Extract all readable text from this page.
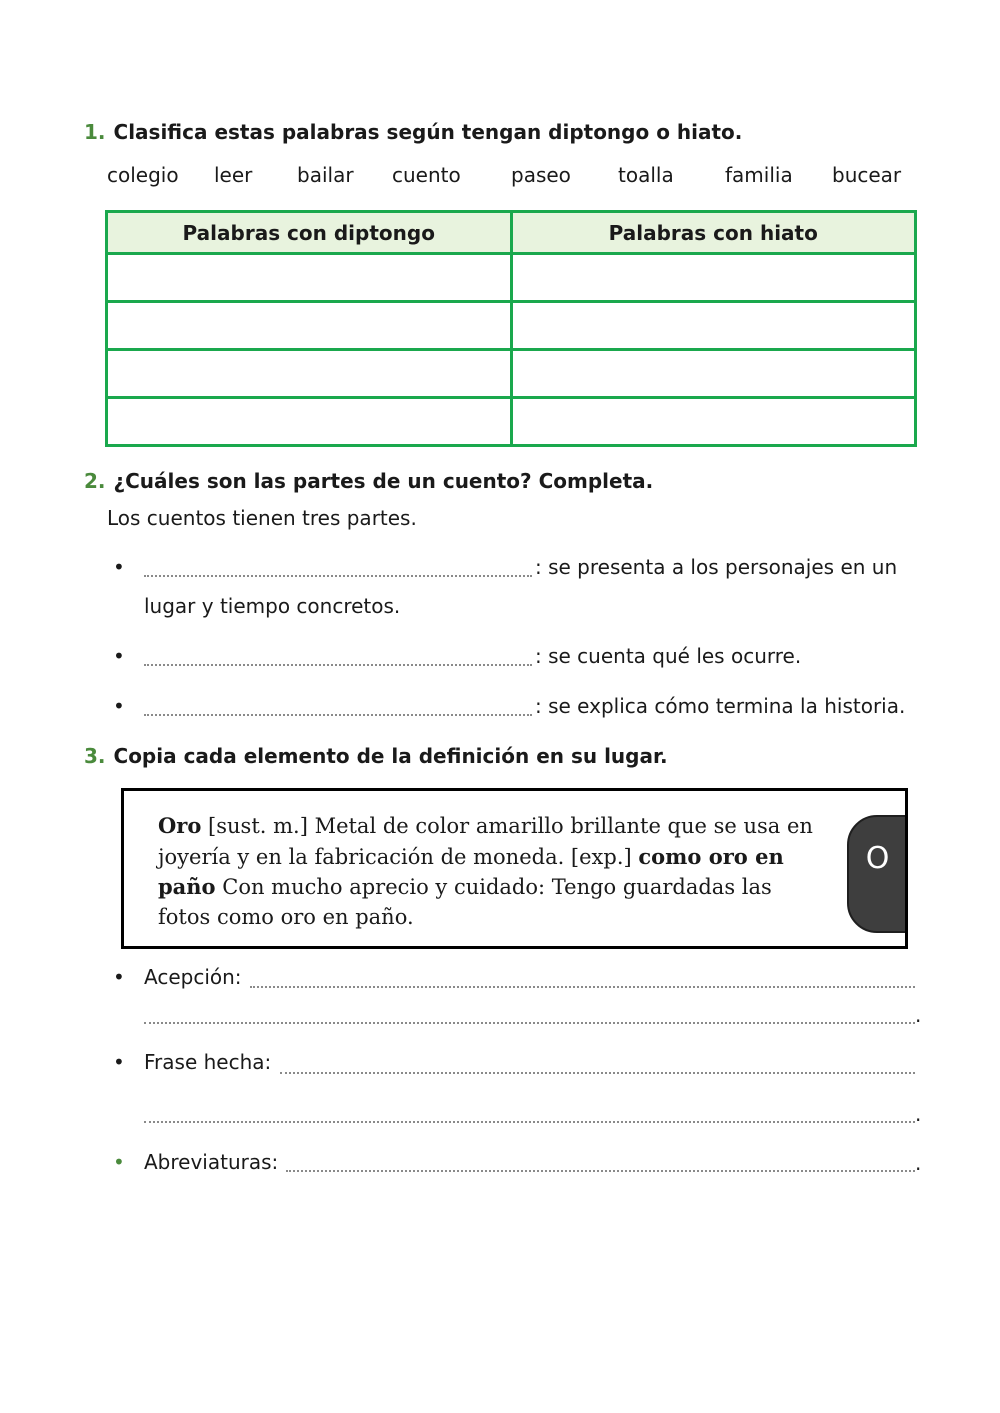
1. Clasifica estas palabras según tengan diptongo o hiato.
colegio leer bailar cuento	paseo toalla	familia bucear
Palabras con diptongo	Palabras con hiato

2. ¿Cuáles son las partes de un cuento? Completa.
Los cuentos tienen tres partes.
•	: se presenta a los personajes en un
lugar y tiempo concretos.
•	: se cuenta qué les ocurre.
•	: se explica cómo termina la historia.
3. Copia cada elemento de la definición en su lugar.
Oro [sust. m.] Metal de color amarillo brillante que se usa en joyería y en la fabricación de moneda. [exp.] como oro en paño Con mucho aprecio y cuidado: Tengo guardadas las fotos como oro en paño.
O
• Acepción:
.
• Frase hecha:
.
• Abreviaturas:	.
